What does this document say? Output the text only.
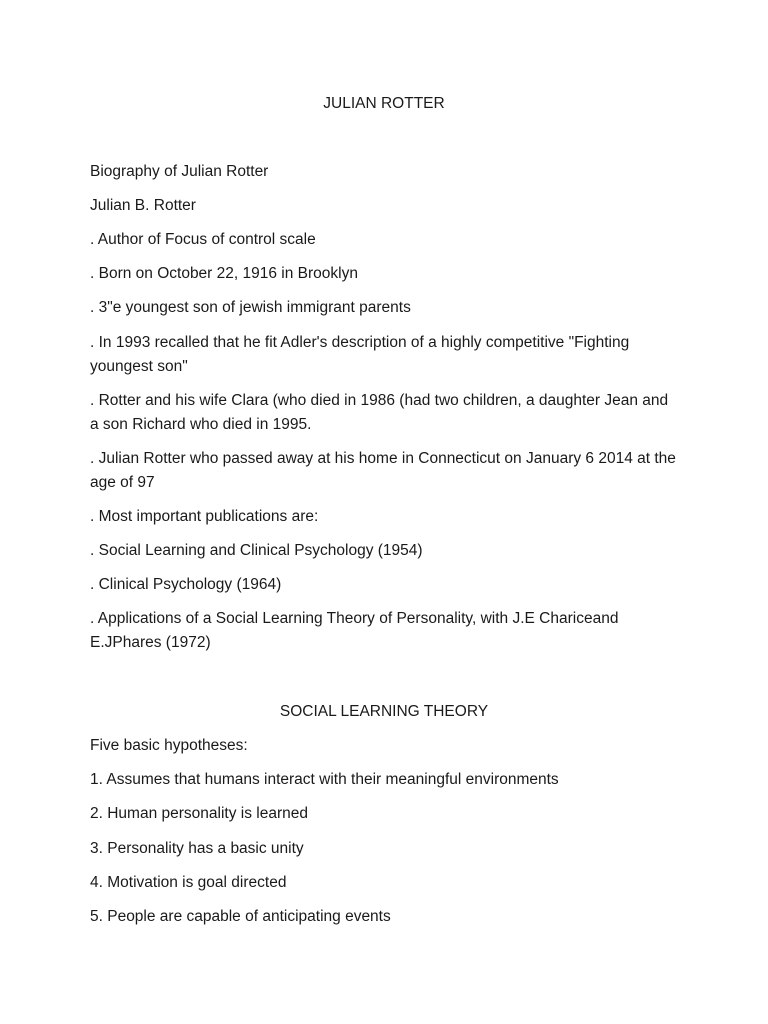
JULIAN ROTTER

Biography of Julian Rotter

Julian B. Rotter

. Author of Focus of control scale

. Born on October 22, 1916 in Brooklyn

. 3"e youngest son of jewish immigrant parents

. In 1993 recalled that he fit Adler's description of a highly competitive "Fighting youngest son"

. Rotter and his wife Clara (who died in 1986 (had two children, a daughter Jean and a son Richard who died in 1995.

. Julian Rotter who passed away at his home in Connecticut on January 6 2014 at the age of 97

. Most important publications are:

. Social Learning and Clinical Psychology (1954)

. Clinical Psychology (1964)

. Applications of a Social Learning Theory of Personality, with J.E Chariceand E.JPhares (1972)

SOCIAL LEARNING THEORY

Five basic hypotheses:

1. Assumes that humans interact with their meaningful environments

2. Human personality is learned

3. Personality has a basic unity

4. Motivation is goal directed

5. People are capable of anticipating events
